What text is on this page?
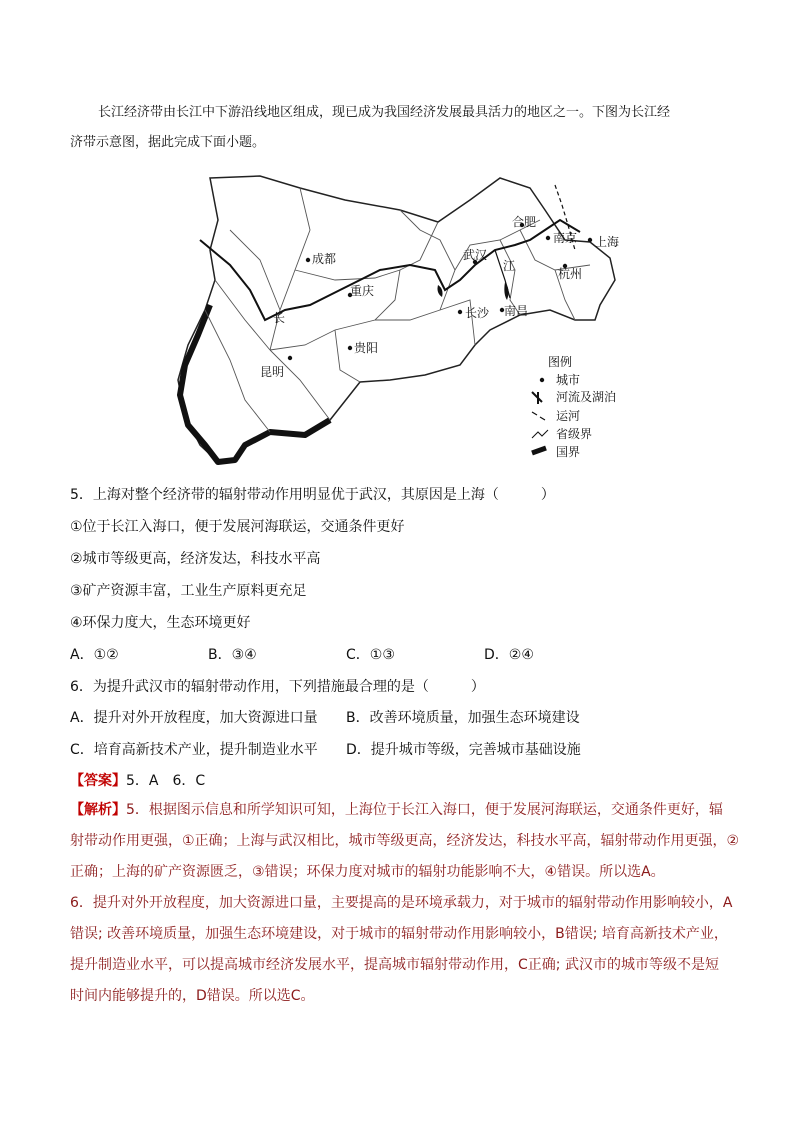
长江经济带由长江中下游沿线地区组成，现已成为我国经济发展最具活力的地区之一。下图为长江经
济带示意图，据此完成下面小题。
合肥
南京 上海
杭州
武汉
成都
重庆
长沙 南昌
贵阳
昆明
长
江
图例
城市
河流及湖泊
运河
省级界
国界
5．上海对整个经济带的辐射带动作用明显优于武汉，其原因是上海（　　　）
①位于长江入海口，便于发展河海联运，交通条件更好
②城市等级更高，经济发达，科技水平高
③矿产资源丰富，工业生产原料更充足
④环保力度大，生态环境更好
A．①②	B．③④	C．①③	D．②④
6．为提升武汉市的辐射带动作用，下列措施最合理的是（　　　）
A．提升对外开放程度，加大资源进口量 B．改善环境质量，加强生态环境建设
C．培育高新技术产业，提升制造业水平 D．提升城市等级，完善城市基础设施
【答案】5．A　6．C
【解析】5．根据图示信息和所学知识可知，上海位于长江入海口，便于发展河海联运，交通条件更好，辐
射带动作用更强，①正确；上海与武汉相比，城市等级更高，经济发达，科技水平高，辐射带动作用更强，②
正确；上海的矿产资源匮乏，③错误；环保力度对城市的辐射功能影响不大，④错误。所以选A。
6．提升对外开放程度，加大资源进口量，主要提高的是环境承载力，对于城市的辐射带动作用影响较小，A
错误; 改善环境质量，加强生态环境建设，对于城市的辐射带动作用影响较小，B错误; 培育高新技术产业，
提升制造业水平，可以提高城市经济发展水平，提高城市辐射带动作用，C正确; 武汉市的城市等级不是短
时间内能够提升的，D错误。所以选C。
